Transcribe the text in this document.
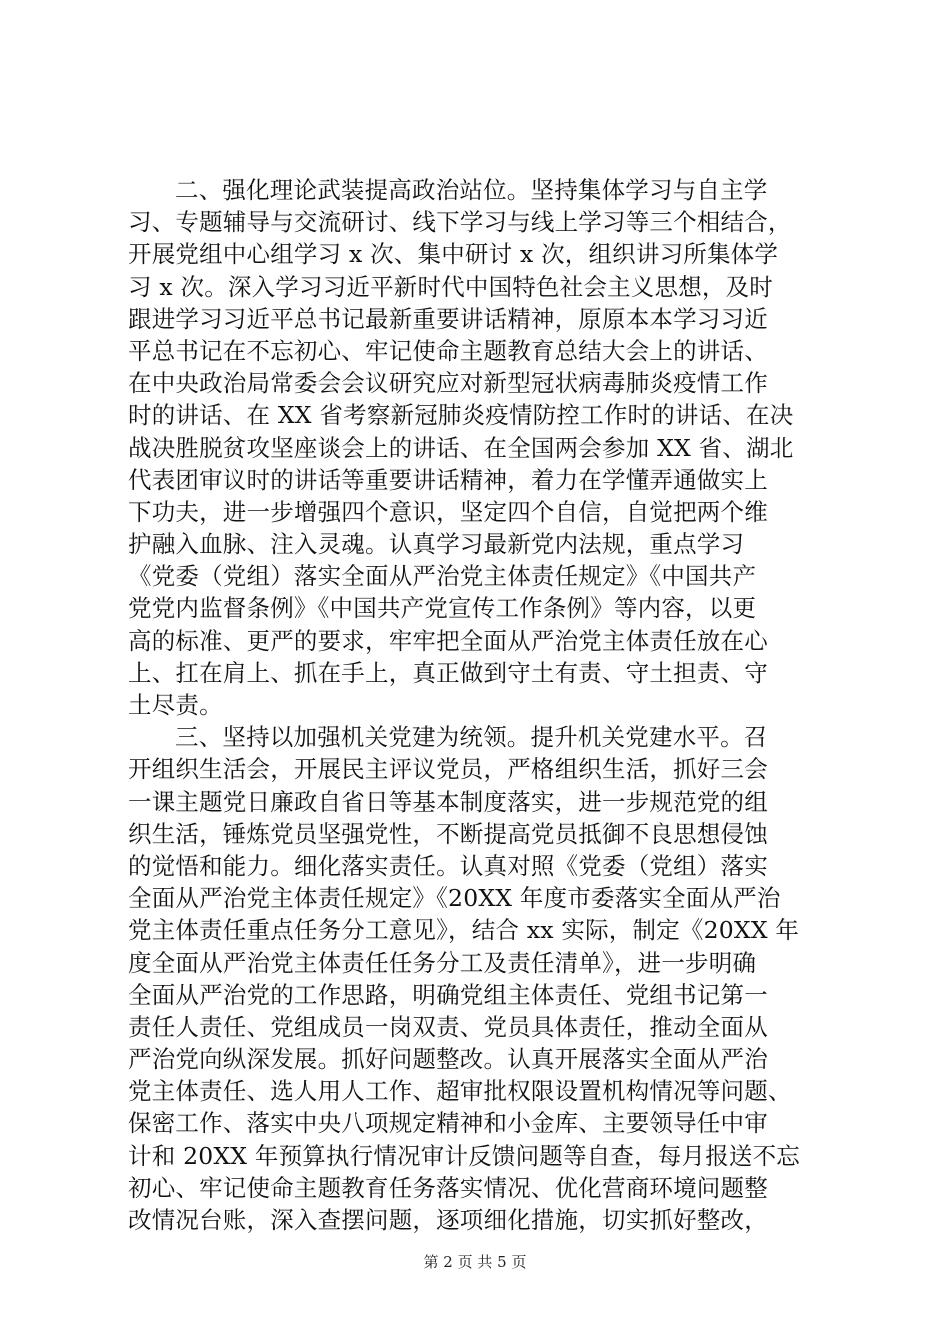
二、强化理论武装提高政治站位。坚持集体学习与自主学
习、专题辅导与交流研讨、线下学习与线上学习等三个相结合，
开展党组中心组学习 x 次、集中研讨 x 次，组织讲习所集体学
习 x 次。深入学习习近平新时代中国特色社会主义思想，及时
跟进学习习近平总书记最新重要讲话精神，原原本本学习习近
平总书记在不忘初心、牢记使命主题教育总结大会上的讲话、
在中央政治局常委会会议研究应对新型冠状病毒肺炎疫情工作
时的讲话、在 XX 省考察新冠肺炎疫情防控工作时的讲话、在决
战决胜脱贫攻坚座谈会上的讲话、在全国两会参加 XX 省、湖北
代表团审议时的讲话等重要讲话精神，着力在学懂弄通做实上
下功夫，进一步增强四个意识，坚定四个自信，自觉把两个维
护融入血脉、注入灵魂。认真学习最新党内法规，重点学习
《党委（党组）落实全面从严治党主体责任规定》《中国共产
党党内监督条例》《中国共产党宣传工作条例》等内容，以更
高的标准、更严的要求，牢牢把全面从严治党主体责任放在心
上、扛在肩上、抓在手上，真正做到守土有责、守土担责、守
土尽责。
三、坚持以加强机关党建为统领。提升机关党建水平。召
开组织生活会，开展民主评议党员，严格组织生活，抓好三会
一课主题党日廉政自省日等基本制度落实，进一步规范党的组
织生活，锤炼党员坚强党性，不断提高党员抵御不良思想侵蚀
的觉悟和能力。细化落实责任。认真对照《党委（党组）落实
全面从严治党主体责任规定》《20XX 年度市委落实全面从严治
党主体责任重点任务分工意见》，结合 xx 实际，制定《20XX 年
度全面从严治党主体责任任务分工及责任清单》，进一步明确
全面从严治党的工作思路，明确党组主体责任、党组书记第一
责任人责任、党组成员一岗双责、党员具体责任，推动全面从
严治党向纵深发展。抓好问题整改。认真开展落实全面从严治
党主体责任、选人用人工作、超审批权限设置机构情况等问题、
保密工作、落实中央八项规定精神和小金库、主要领导任中审
计和 20XX 年预算执行情况审计反馈问题等自查，每月报送不忘
初心、牢记使命主题教育任务落实情况、优化营商环境问题整
改情况台账，深入查摆问题，逐项细化措施，切实抓好整改，
第 2 页 共 5 页
